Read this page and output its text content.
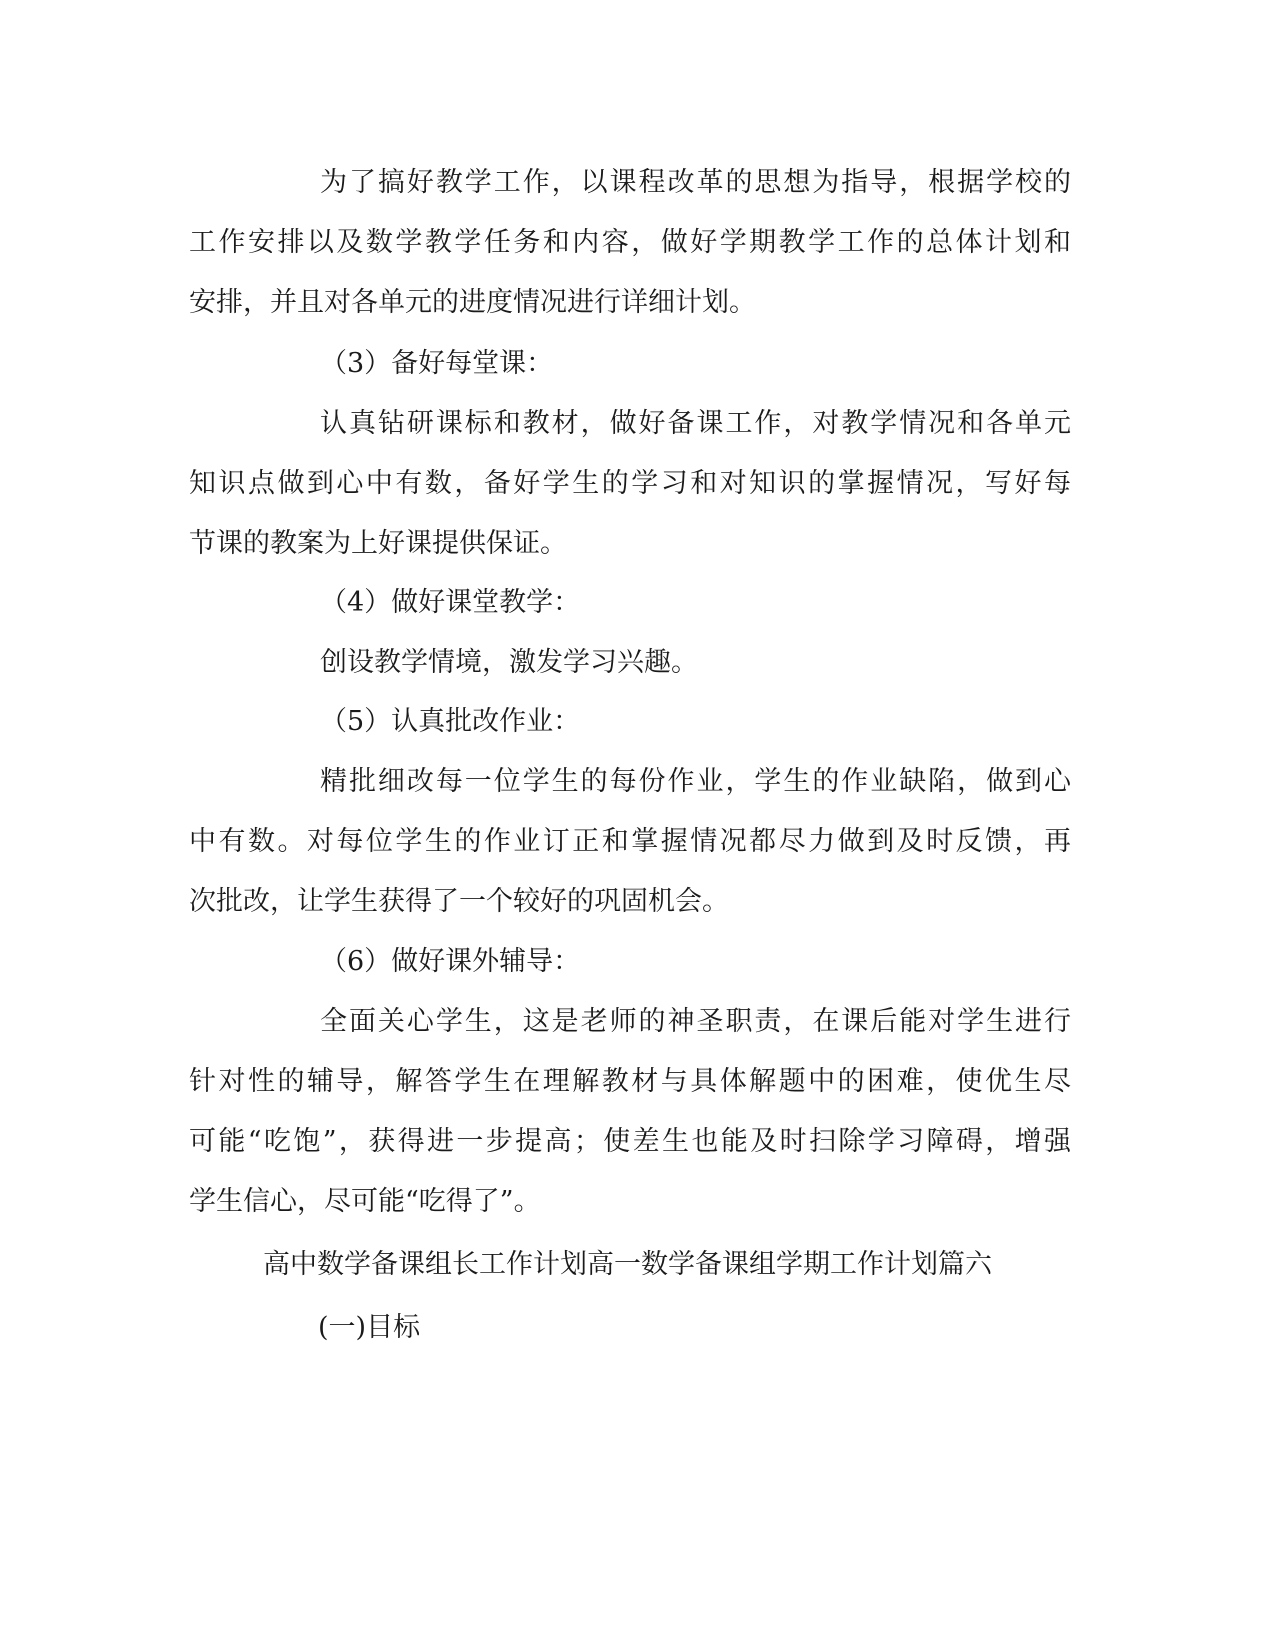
为了搞好教学工作，以课程改革的思想为指导，根据学校的
工作安排以及数学教学任务和内容，做好学期教学工作的总体计划和
安排，并且对各单元的进度情况进行详细计划。
（3）备好每堂课：
认真钻研课标和教材，做好备课工作，对教学情况和各单元
知识点做到心中有数，备好学生的学习和对知识的掌握情况，写好每
节课的教案为上好课提供保证。
（4）做好课堂教学：
创设教学情境，激发学习兴趣。
（5）认真批改作业：
精批细改每一位学生的每份作业，学生的作业缺陷，做到心
中有数。对每位学生的作业订正和掌握情况都尽力做到及时反馈，再
次批改，让学生获得了一个较好的巩固机会。
（6）做好课外辅导：
全面关心学生，这是老师的神圣职责，在课后能对学生进行
针对性的辅导，解答学生在理解教材与具体解题中的困难，使优生尽
可能“吃饱”，获得进一步提高；使差生也能及时扫除学习障碍，增强
学生信心，尽可能“吃得了”。
高中数学备课组长工作计划高一数学备课组学期工作计划篇六
(一)目标
